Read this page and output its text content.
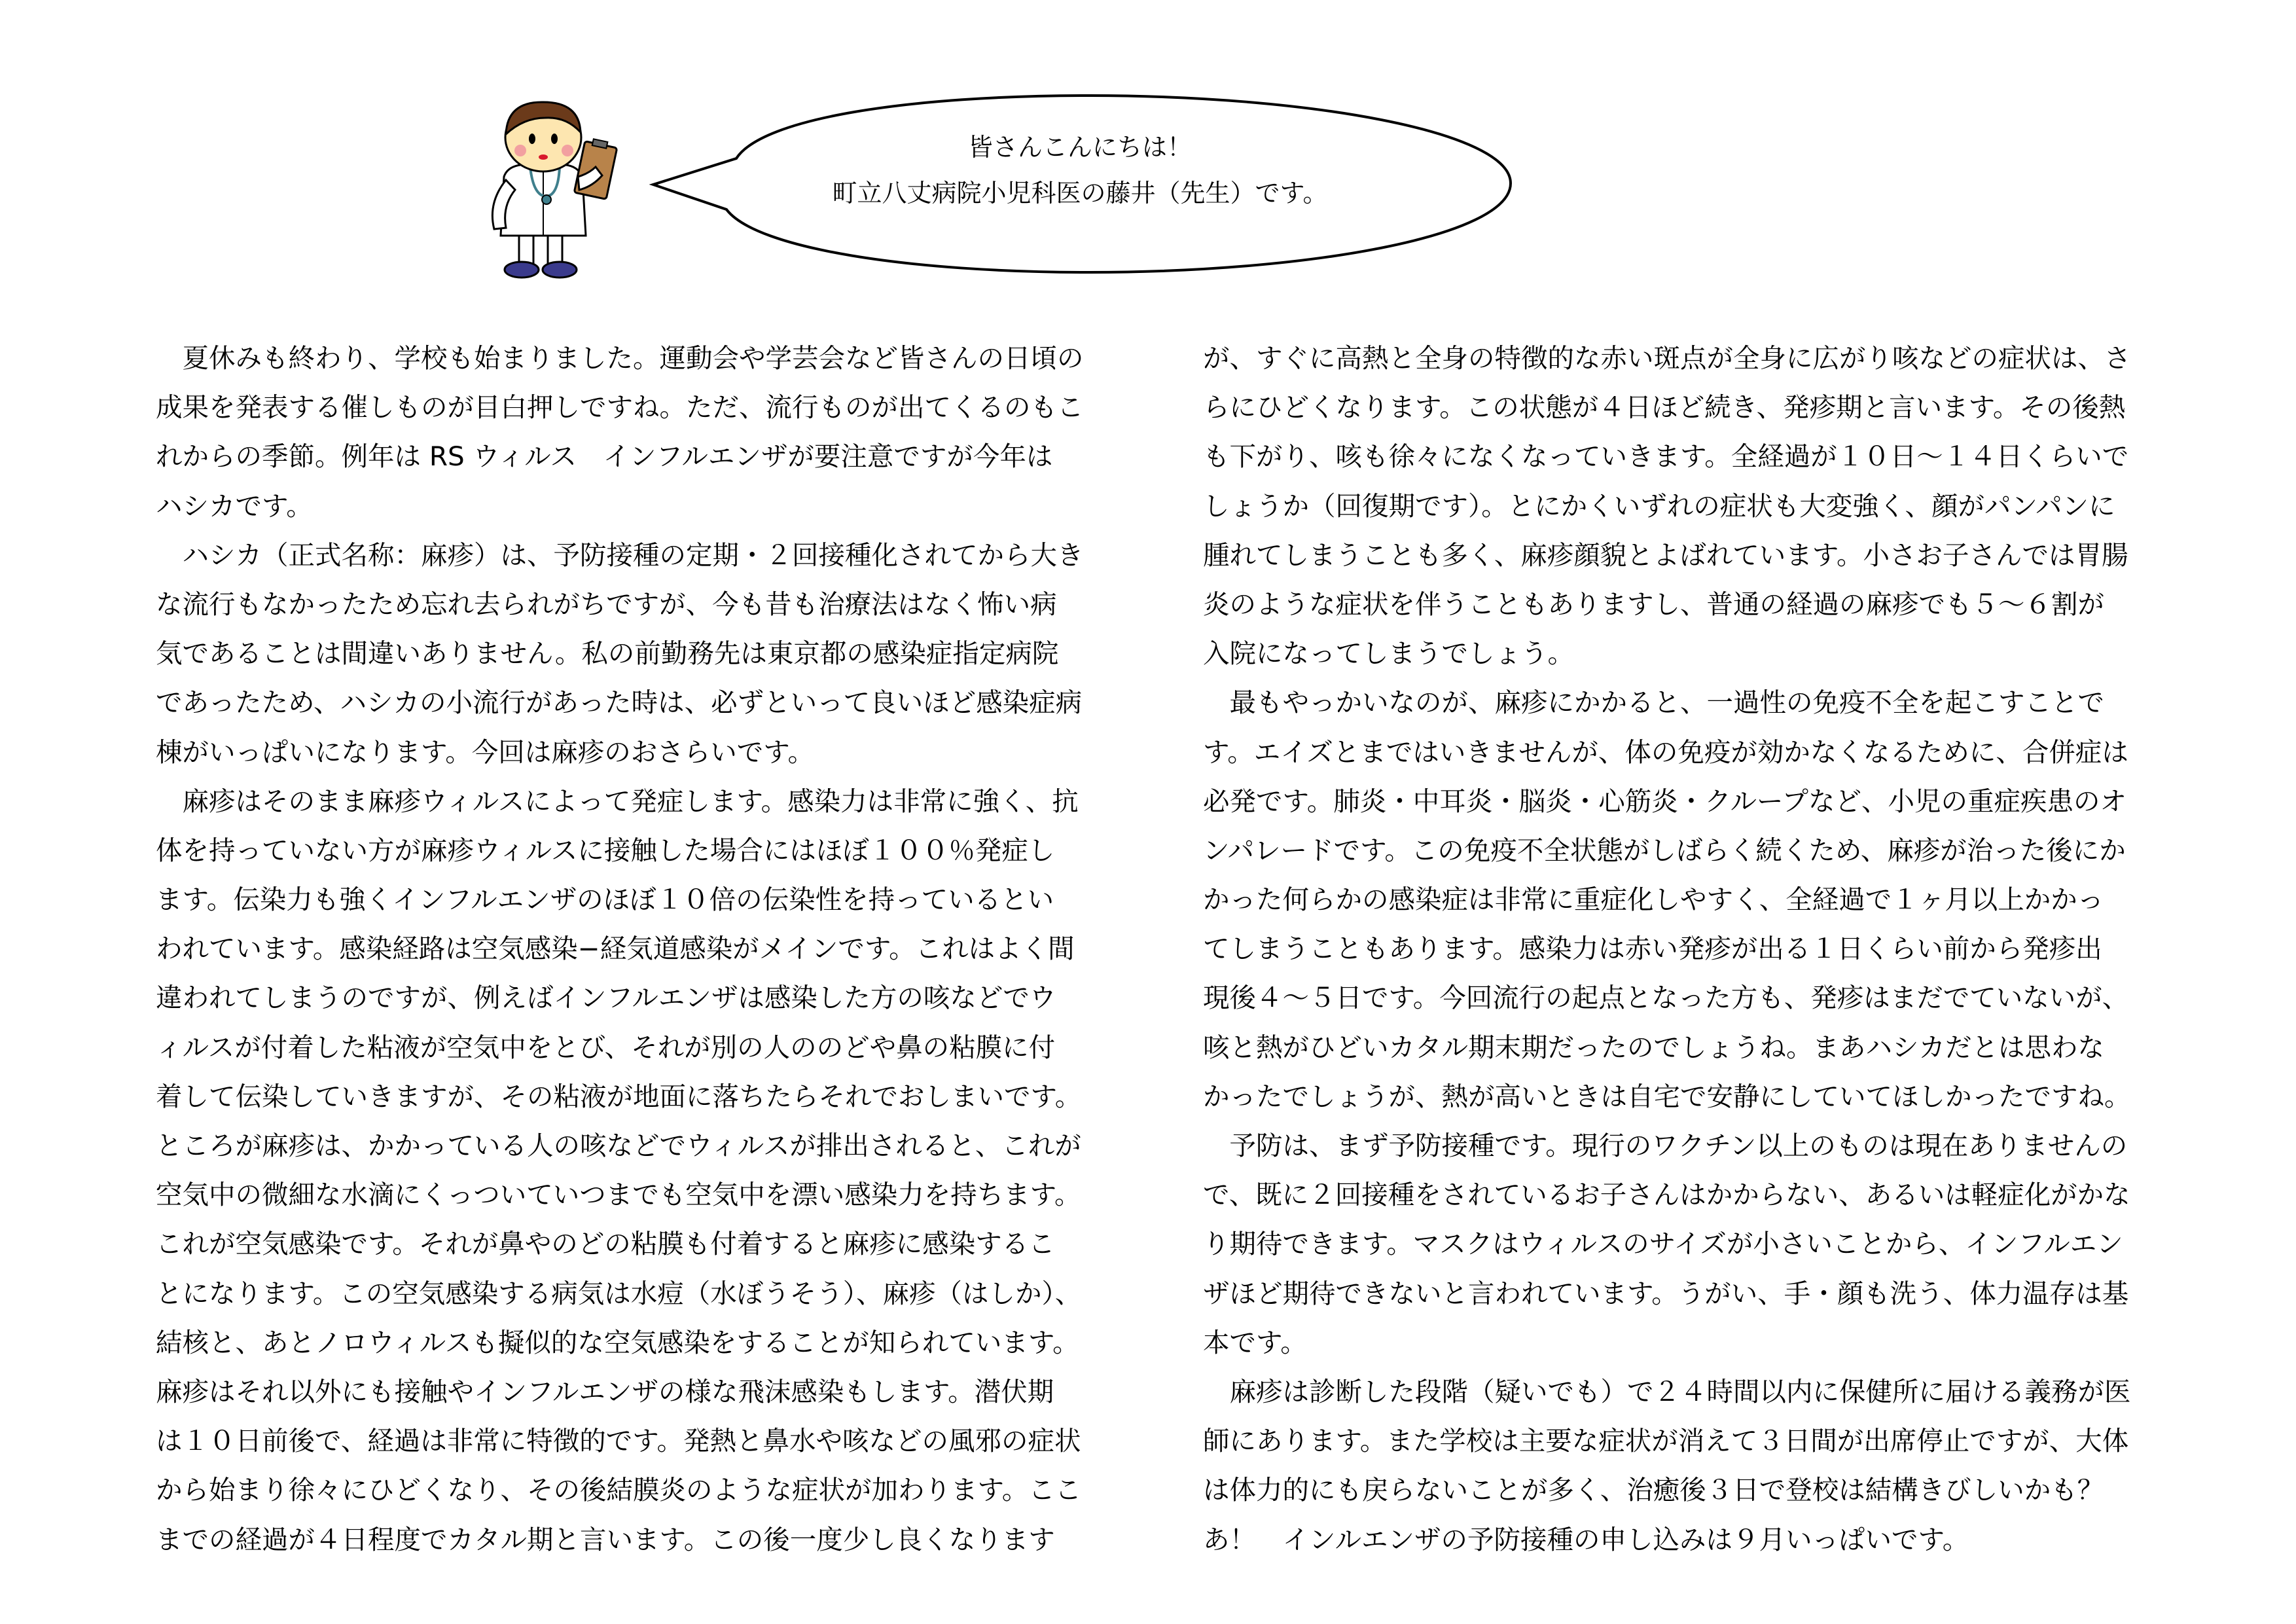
皆さんこんにちは！
町立八丈病院小児科医の藤井（先生）です。
　夏休みも終わり、学校も始まりました。運動会や学芸会など皆さんの日頃の
成果を発表する催しものが目白押しですね。ただ、流行ものが出てくるのもこ
れからの季節。例年は RS ウィルス　インフルエンザが要注意ですが今年は
ハシカです。
　ハシカ（正式名称：麻疹）は、予防接種の定期・２回接種化されてから大き
な流行もなかったため忘れ去られがちですが、今も昔も治療法はなく怖い病
気であることは間違いありません。私の前勤務先は東京都の感染症指定病院
であったため、ハシカの小流行があった時は、必ずといって良いほど感染症病
棟がいっぱいになります。今回は麻疹のおさらいです。
　麻疹はそのまま麻疹ウィルスによって発症します。感染力は非常に強く、抗
体を持っていない方が麻疹ウィルスに接触した場合にはほぼ１００％発症し
ます。伝染力も強くインフルエンザのほぼ１０倍の伝染性を持っているとい
われています。感染経路は空気感染−経気道感染がメインです。これはよく間
違われてしまうのですが、例えばインフルエンザは感染した方の咳などでウ
ィルスが付着した粘液が空気中をとび、それが別の人ののどや鼻の粘膜に付
着して伝染していきますが、その粘液が地面に落ちたらそれでおしまいです。
ところが麻疹は、かかっている人の咳などでウィルスが排出されると、これが
空気中の微細な水滴にくっついていつまでも空気中を漂い感染力を持ちます。
これが空気感染です。それが鼻やのどの粘膜も付着すると麻疹に感染するこ
とになります。この空気感染する病気は水痘（水ぼうそう）、麻疹（はしか）、
結核と、あとノロウィルスも擬似的な空気感染をすることが知られています。
麻疹はそれ以外にも接触やインフルエンザの様な飛沫感染もします。潜伏期
は１０日前後で、経過は非常に特徴的です。発熱と鼻水や咳などの風邪の症状
から始まり徐々にひどくなり、その後結膜炎のような症状が加わります。ここ
までの経過が４日程度でカタル期と言います。この後一度少し良くなります
が、すぐに高熱と全身の特徴的な赤い斑点が全身に広がり咳などの症状は、さ
らにひどくなります。この状態が４日ほど続き、発疹期と言います。その後熱
も下がり、咳も徐々になくなっていきます。全経過が１０日〜１４日くらいで
しょうか（回復期です）。とにかくいずれの症状も大変強く、顔がパンパンに
腫れてしまうことも多く、麻疹顔貌とよばれています。小さお子さんでは胃腸
炎のような症状を伴うこともありますし、普通の経過の麻疹でも５〜６割が
入院になってしまうでしょう。
　最もやっかいなのが、麻疹にかかると、一過性の免疫不全を起こすことで
す。エイズとまではいきませんが、体の免疫が効かなくなるために、合併症は
必発です。肺炎・中耳炎・脳炎・心筋炎・クループなど、小児の重症疾患のオ
ンパレードです。この免疫不全状態がしばらく続くため、麻疹が治った後にか
かった何らかの感染症は非常に重症化しやすく、全経過で１ヶ月以上かかっ
てしまうこともあります。感染力は赤い発疹が出る１日くらい前から発疹出
現後４〜５日です。今回流行の起点となった方も、発疹はまだでていないが、
咳と熱がひどいカタル期末期だったのでしょうね。まあハシカだとは思わな
かったでしょうが、熱が高いときは自宅で安静にしていてほしかったですね。
　予防は、まず予防接種です。現行のワクチン以上のものは現在ありませんの
で、既に２回接種をされているお子さんはかからない、あるいは軽症化がかな
り期待できます。マスクはウィルスのサイズが小さいことから、インフルエン
ザほど期待できないと言われています。うがい、手・顔も洗う、体力温存は基
本です。
　麻疹は診断した段階（疑いでも）で２４時間以内に保健所に届ける義務が医
師にあります。また学校は主要な症状が消えて３日間が出席停止ですが、大体
は体力的にも戻らないことが多く、治癒後３日で登校は結構きびしいかも？
あ！　インルエンザの予防接種の申し込みは９月いっぱいです。
